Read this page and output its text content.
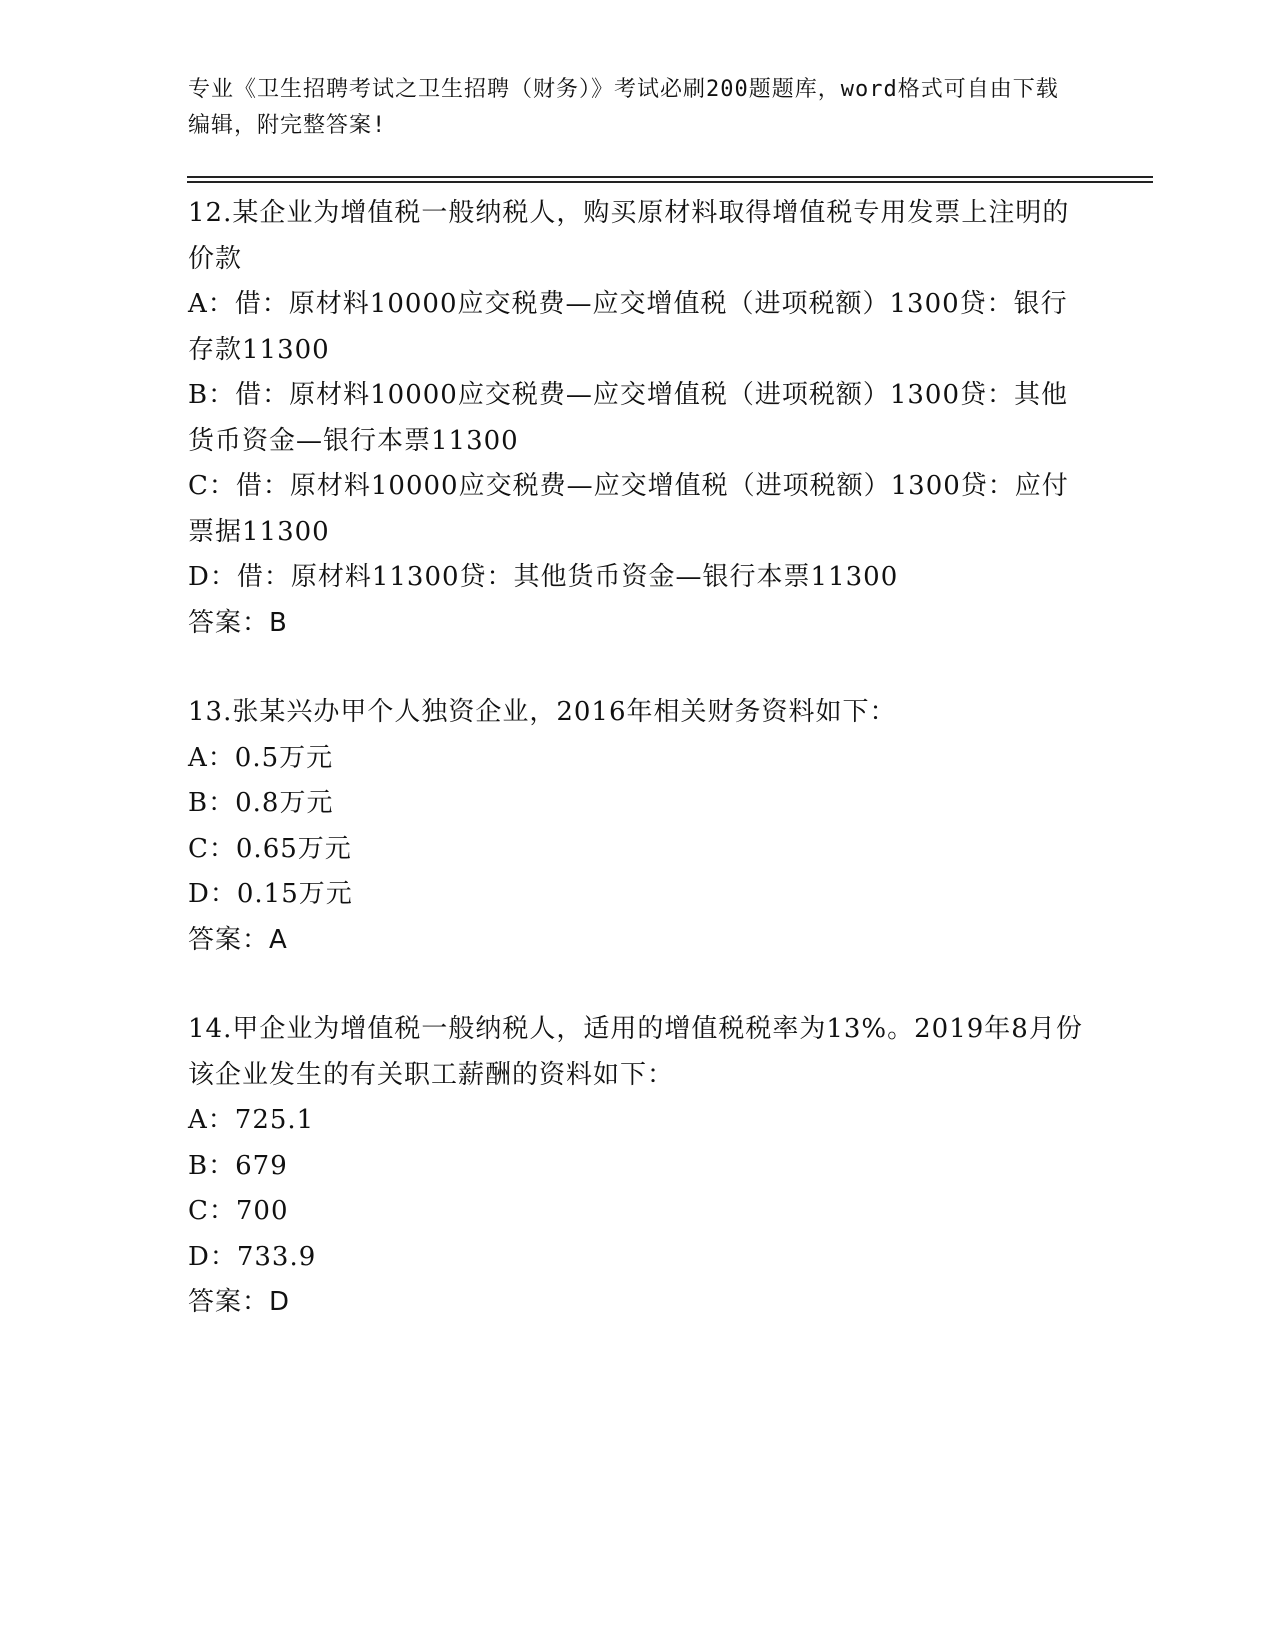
专业《卫生招聘考试之卫生招聘（财务）》考试必刷200题题库，word格式可自由下载编辑，附完整答案!

12.某企业为增值税一般纳税人，购买原材料取得增值税专用发票上注明的价款

A：借：原材料10000应交税费—应交增值税（进项税额）1300贷：银行存款11300

B：借：原材料10000应交税费—应交增值税（进项税额）1300贷：其他货币资金—银行本票11300

C：借：原材料10000应交税费—应交增值税（进项税额）1300贷：应付票据11300

D：借：原材料11300贷：其他货币资金—银行本票11300

答案：B

13.张某兴办甲个人独资企业，2016年相关财务资料如下：

A：0.5万元

B：0.8万元

C：0.65万元

D：0.15万元

答案：A

14.甲企业为增值税一般纳税人，适用的增值税税率为13%。2019年8月份该企业发生的有关职工薪酬的资料如下：

A：725.1

B：679

C：700

D：733.9

答案：D
